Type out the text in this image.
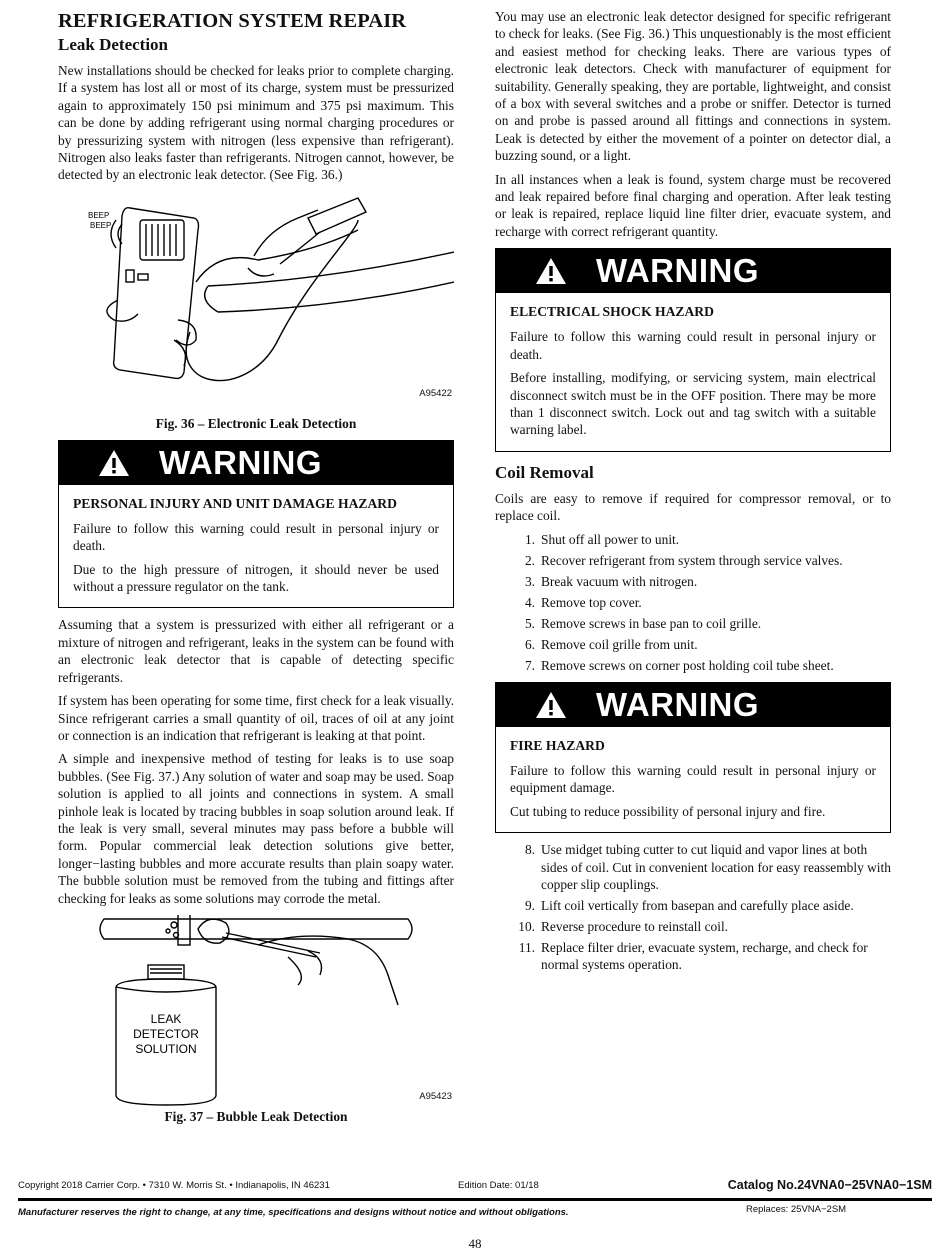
REFRIGERATION SYSTEM REPAIR
Leak Detection

New installations should be checked for leaks prior to complete charging. If a system has lost all or most of its charge, system must be pressurized again to approximately 150 psi minimum and 375 psi maximum. This can be done by adding refrigerant using normal charging procedures or by pressurizing system with nitrogen (less expensive than refrigerant). Nitrogen also leaks faster than refrigerants. Nitrogen cannot, however, be detected by an electronic leak detector. (See Fig. 36.)

BEEP
BEEP
A95422
Fig. 36 – Electronic Leak Detection
WARNING
PERSONAL INJURY AND UNIT DAMAGE HAZARD

Failure to follow this warning could result in personal injury or death.

Due to the high pressure of nitrogen, it should never be used without a pressure regulator on the tank.

Assuming that a system is pressurized with either all refrigerant or a mixture of nitrogen and refrigerant, leaks in the system can be found with an electronic leak detector that is capable of detecting specific refrigerants.

If system has been operating for some time, first check for a leak visually. Since refrigerant carries a small quantity of oil, traces of oil at any joint or connection is an indication that refrigerant is leaking at that point.

A simple and inexpensive method of testing for leaks is to use soap bubbles. (See Fig. 37.) Any solution of water and soap may be used. Soap solution is applied to all joints and connections in system. A small pinhole leak is located by tracing bubbles in soap solution around leak. If the leak is very small, several minutes may pass before a bubble will form. Popular commercial leak detection solutions give better, longer−lasting bubbles and more accurate results than plain soapy water. The bubble solution must be removed from the tubing and fittings after checking for leaks as some solutions may corrode the metal.

LEAK
DETECTOR
SOLUTION
A95423
Fig. 37 – Bubble Leak Detection

You may use an electronic leak detector designed for specific refrigerant to check for leaks. (See Fig. 36.) This unquestionably is the most efficient and easiest method for checking leaks. There are various types of electronic leak detectors. Check with manufacturer of equipment for suitability. Generally speaking, they are portable, lightweight, and consist of a box with several switches and a probe or sniffer. Detector is turned on and probe is passed around all fittings and connections in system. Leak is detected by either the movement of a pointer on detector dial, a buzzing sound, or a light.

In all instances when a leak is found, system charge must be recovered and leak repaired before final charging and operation. After leak testing or leak is repaired, replace liquid line filter drier, evacuate system, and recharge with correct refrigerant quantity.

WARNING
ELECTRICAL SHOCK HAZARD

Failure to follow this warning could result in personal injury or death.

Before installing, modifying, or servicing system, main electrical disconnect switch must be in the OFF position. There may be more than 1 disconnect switch. Lock out and tag switch with a suitable warning label.

Coil Removal

Coils are easy to remove if required for compressor removal, or to replace coil.

1. Shut off all power to unit.
2. Recover refrigerant from system through service valves.
3. Break vacuum with nitrogen.
4. Remove top cover.
5. Remove screws in base pan to coil grille.
6. Remove coil grille from unit.
7. Remove screws on corner post holding coil tube sheet.
WARNING
FIRE HAZARD

Failure to follow this warning could result in personal injury or equipment damage.

Cut tubing to reduce possibility of personal injury and fire.

8. Use midget tubing cutter to cut liquid and vapor lines at both sides of coil. Cut in convenient location for easy reassembly with copper slip couplings.
9. Lift coil vertically from basepan and carefully place aside.
10. Reverse procedure to reinstall coil.
11. Replace filter drier, evacuate system, recharge, and check for normal systems operation.
Copyright 2018 Carrier Corp. • 7310 W. Morris St. • Indianapolis, IN 46231	Edition Date: 01/18	Catalog No.24VNA0−25VNA0−1SM
Manufacturer reserves the right to change, at any time, specifications and designs without notice and without obligations.	Replaces: 25VNA−2SM
48
